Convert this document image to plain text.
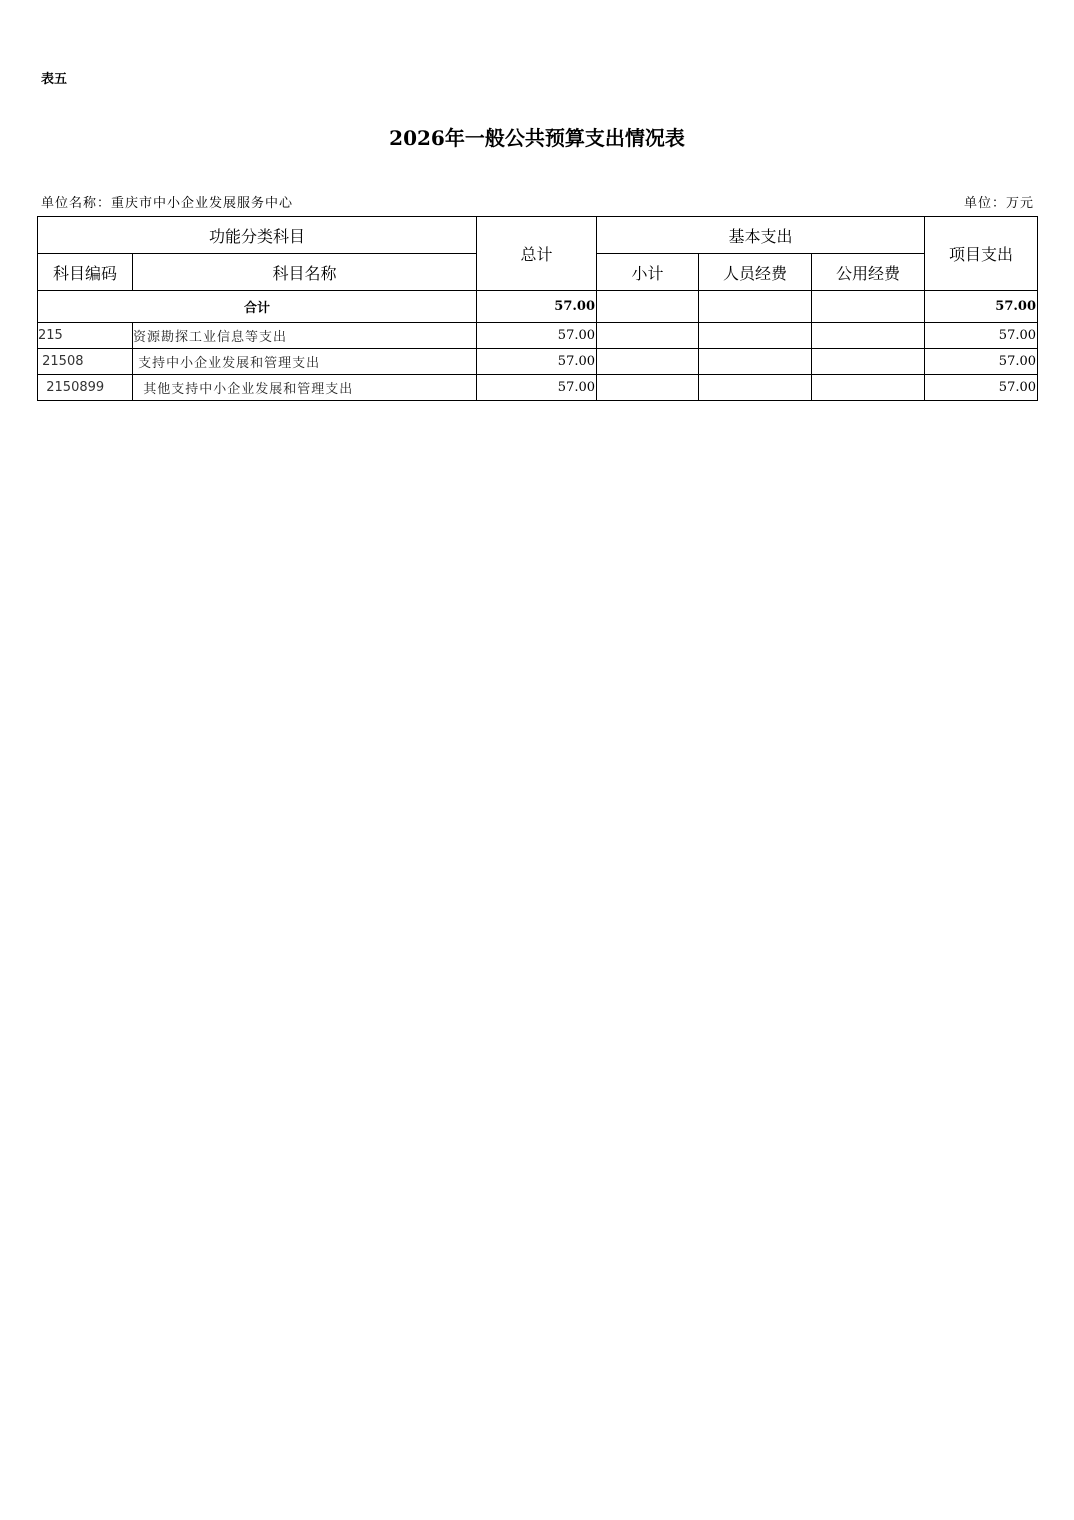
表五
2026年一般公共预算支出情况表
单位名称：重庆市中小企业发展服务中心	单位：万元
功能分类科目		总计	基本支出			项目支出
科目编码	科目名称		小计	人员经费	公用经费	
合计		57.00				57.00
215	资源勘探工业信息等支出	57.00				57.00
21508	支持中小企业发展和管理支出	57.00				57.00
2150899	其他支持中小企业发展和管理支出	57.00				57.00
